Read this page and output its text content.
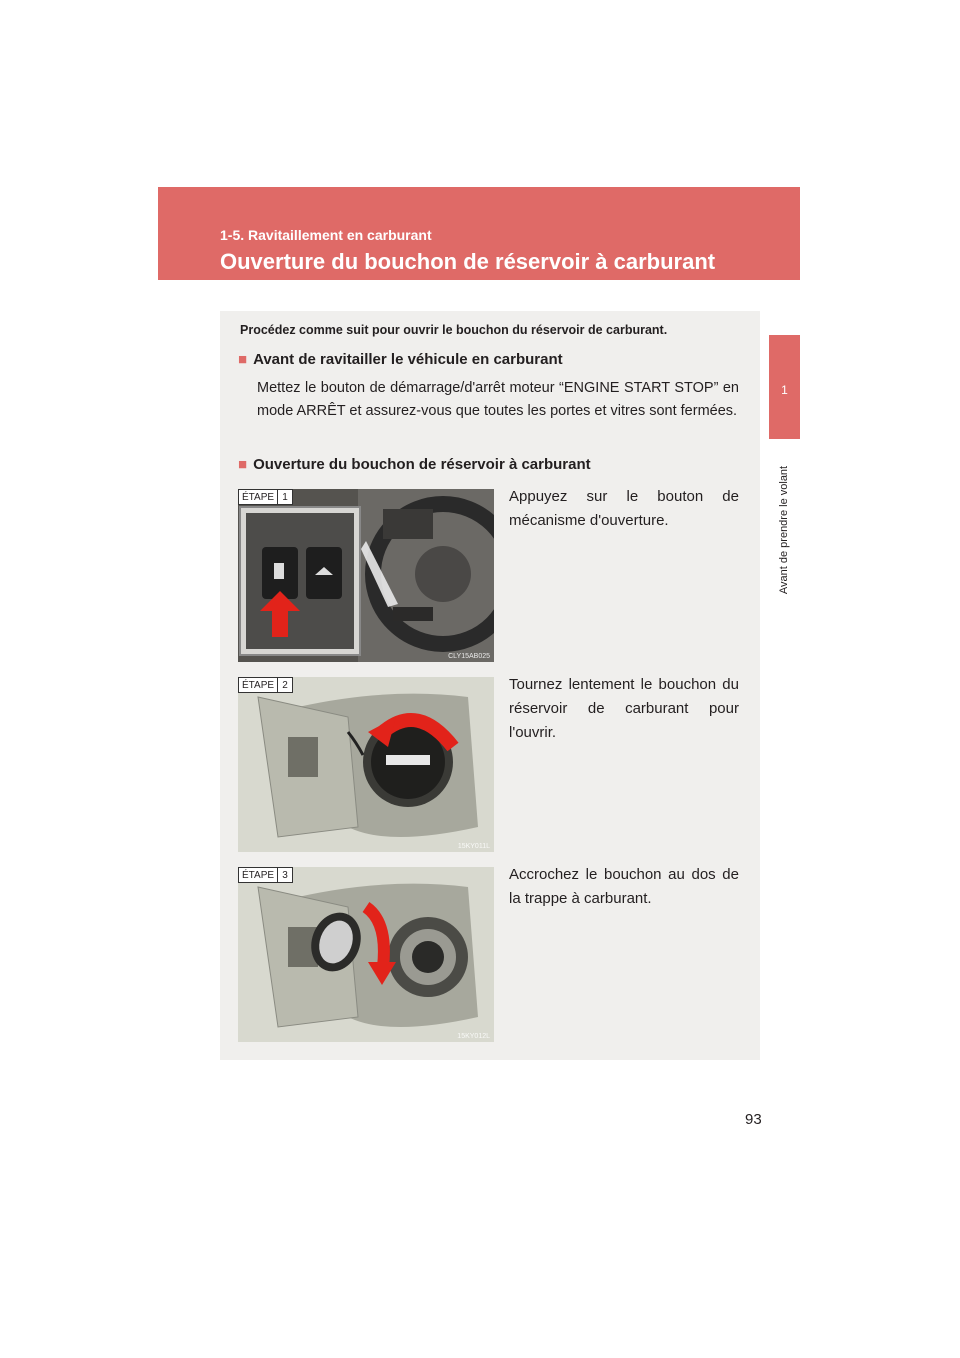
1-5. Ravitaillement en carburant
Ouverture du bouchon de réservoir à carburant
1
Avant de prendre le volant
Procédez comme suit pour ouvrir le bouchon du réservoir de carburant.
■ Avant de ravitailler le véhicule en carburant
Mettez le bouton de démarrage/d'arrêt moteur “ENGINE START STOP” en mode ARRÊT et assurez-vous que toutes les portes et vitres sont fermées.
■ Ouverture du bouchon de réservoir à carburant
ÉTAPE 1
CLY15AB025
Appuyez sur le bouton de mécanisme d'ouverture.
ÉTAPE 2
15KY011L
Tournez lentement le bouchon du réservoir de carburant pour l'ouvrir.
ÉTAPE 3
15KY012L
Accrochez le bouchon au dos de la trappe à carburant.
93
